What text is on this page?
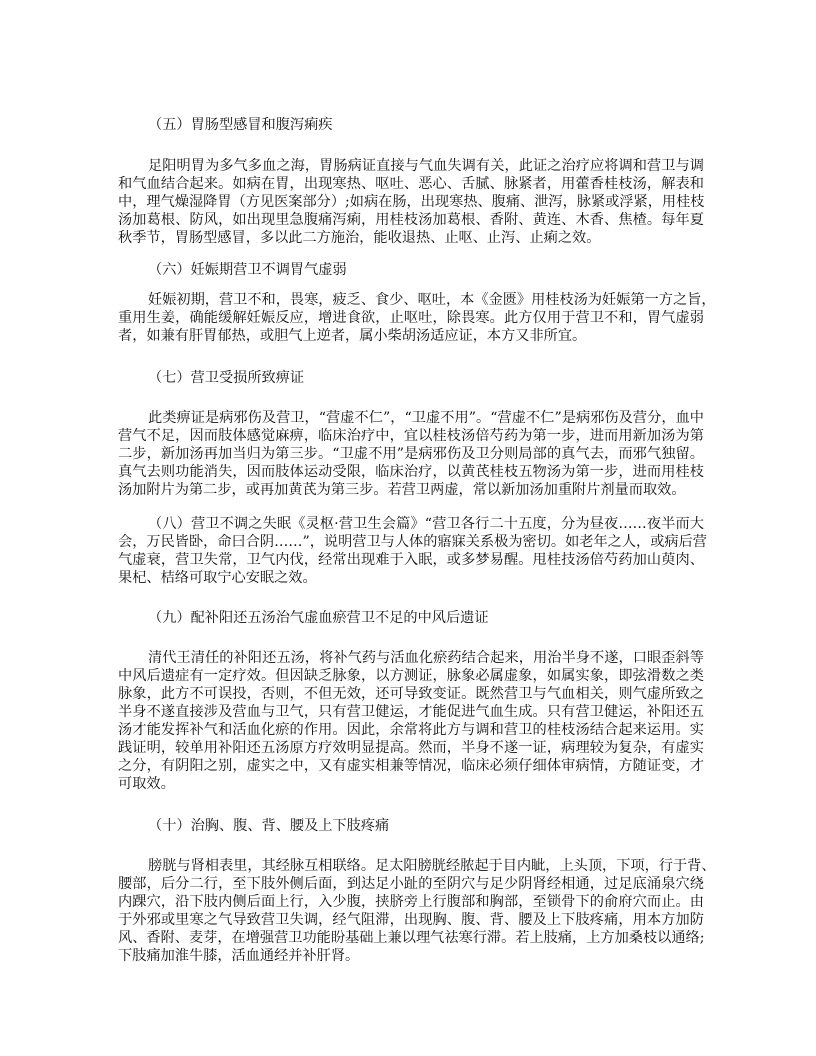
（五）胃肠型感冒和腹泻痢疾
足阳明胃为多气多血之海，胃肠病证直接与气血失调有关，此证之治疗应将调和营卫与调
和气血结合起来。如病在胃，出现寒热、呕吐、恶心、舌腻、脉紧者，用藿香桂枝汤，解表和
中，理气燥湿降胃（方见医案部分）;如病在肠，出现寒热、腹痛、泄泻，脉紧或浮紧，用桂枝
汤加葛根、防风，如出现里急腹痛泻痢，用桂枝汤加葛根、香附、黄连、木香、焦楂。每年夏
秋季节，胃肠型感冒，多以此二方施治，能收退热、止呕、止泻、止痢之效。
（六）妊娠期营卫不调胃气虚弱
妊娠初期，营卫不和，畏寒，疲乏、食少、呕吐，本《金匮》用桂枝汤为妊娠第一方之旨，
重用生姜，确能缓解妊娠反应，增进食欲，止呕吐，除畏寒。此方仅用于营卫不和，胃气虚弱
者，如兼有肝胃郁热，或胆气上逆者，属小柴胡汤适应证，本方又非所宜。
（七）营卫受损所致痹证
此类痹证是病邪伤及营卫，“营虚不仁”，“卫虚不用”。“营虚不仁”是病邪伤及营分，血中
营气不足，因而肢体感觉麻痹，临床治疗中，宜以桂枝汤倍芍药为第一步，进而用新加汤为第
二步，新加汤再加当归为第三步。“卫虚不用”是病邪伤及卫分则局部的真气去，而邪气独留。
真气去则功能消失，因而肢体运动受限，临床治疗，以黄芪桂枝五物汤为第一步，进而用桂枝
汤加附片为第二步，或再加黄芪为第三步。若营卫两虚，常以新加汤加重附片剂量而取效。
（八）营卫不调之失眠《灵枢·营卫生会篇》“营卫各行二十五度，分为昼夜……夜半而大
会，万民皆卧，命曰合阴……”，说明营卫与人体的寤寐关系极为密切。如老年之人，或病后营
气虚衰，营卫失常，卫气内伐，经常出现难于入眠，或多梦易醒。甩桂技汤倍芍药加山萸肉、
果杞、桔络可取宁心安眠之效。
（九）配补阳还五汤治气虚血瘀营卫不足的中风后遗证
清代王清任的补阳还五汤，将补气药与活血化瘀药结合起来，用治半身不遂，口眼歪斜等
中风后遗症有一定疗效。但因缺乏脉象，以方测证，脉象必属虚象，如属实象，即弦滑数之类
脉象，此方不可误投，否则，不但无效，还可导致变证。既然营卫与气血相关，则气虚所致之
半身不遂直接涉及营血与卫气，只有营卫健运，才能促进气血生成。只有营卫健运，补阳还五
汤才能发挥补气和活血化瘀的作用。因此，余常将此方与调和营卫的桂枝汤结合起来运用。实
践证明，较单用补阳还五汤原方疗效明显提高。然而，半身不遂一证，病理较为复杂，有虚实
之分，有阴阳之别，虚实之中，又有虚实相兼等情况，临床必须仔细体审病情，方随证变，才
可取效。
（十）治胸、腹、背、腰及上下肢疼痛
膀胱与肾相表里，其经脉互相联络。足太阳膀胱经脓起于目内眦，上头顶，下项，行于背、
腰部，后分二行，至下肢外侧后面，到达足小趾的至阴穴与足少阴肾经相通，过足底涌泉穴绕
内踝穴，沿下肢内侧后面上行，入少腹，挟脐旁上行腹部和胸部，至锁骨下的俞府穴而止。由
于外邪或里寒之气导致营卫失调，经气阻滞，出现胸、腹、背、腰及上下肢疼痛，用本方加防
风、香附、麦芽，在增强营卫功能盼基础上兼以理气祛寒行滞。若上肢痛，上方加桑枝以通络;
下肢痛加淮牛膝，活血通经并补肝肾。
